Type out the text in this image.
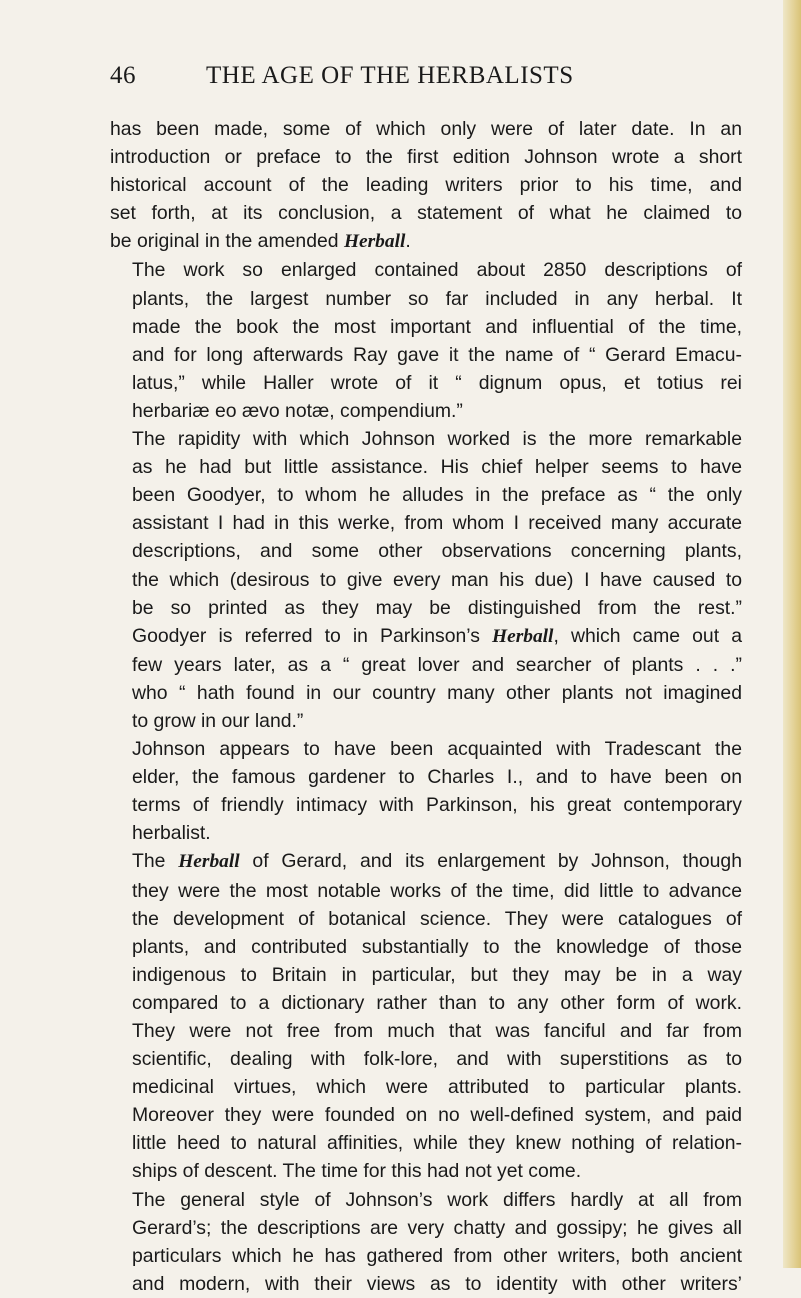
46	THE AGE OF THE HERBALISTS

has been made, some of which only were of later date. In an
introduction or preface to the first edition Johnson wrote a short
historical account of the leading writers prior to his time, and
set forth, at its conclusion, a statement of what he claimed to
be original in the amended Herball.

The work so enlarged contained about 2850 descriptions of
plants, the largest number so far included in any herbal. It
made the book the most important and influential of the time,
and for long afterwards Ray gave it the name of “ Gerard Emacu-
latus,” while Haller wrote of it “ dignum opus, et totius rei
herbariæ eo ævo notæ, compendium.”

The rapidity with which Johnson worked is the more remarkable
as he had but little assistance. His chief helper seems to have
been Goodyer, to whom he alludes in the preface as “ the only
assistant I had in this werke, from whom I received many accurate
descriptions, and some other observations concerning plants,
the which (desirous to give every man his due) I have caused to
be so printed as they may be distinguished from the rest.”
Goodyer is referred to in Parkinson’s Herball, which came out a
few years later, as a “ great lover and searcher of plants . . .”
who “ hath found in our country many other plants not imagined
to grow in our land.”

Johnson appears to have been acquainted with Tradescant the
elder, the famous gardener to Charles I., and to have been on
terms of friendly intimacy with Parkinson, his great contemporary
herbalist.

The Herball of Gerard, and its enlargement by Johnson, though
they were the most notable works of the time, did little to advance
the development of botanical science. They were catalogues of
plants, and contributed substantially to the knowledge of those
indigenous to Britain in particular, but they may be in a way
compared to a dictionary rather than to any other form of work.
They were not free from much that was fanciful and far from
scientific, dealing with folk-lore, and with superstitions as to
medicinal virtues, which were attributed to particular plants.
Moreover they were founded on no well-defined system, and paid
little heed to natural affinities, while they knew nothing of relation-
ships of descent. The time for this had not yet come.

The general style of Johnson’s work differs hardly at all from
Gerard’s; the descriptions are very chatty and gossipy; he gives all
particulars which he has gathered from other writers, both ancient
and modern, with their views as to identity with other writers’
